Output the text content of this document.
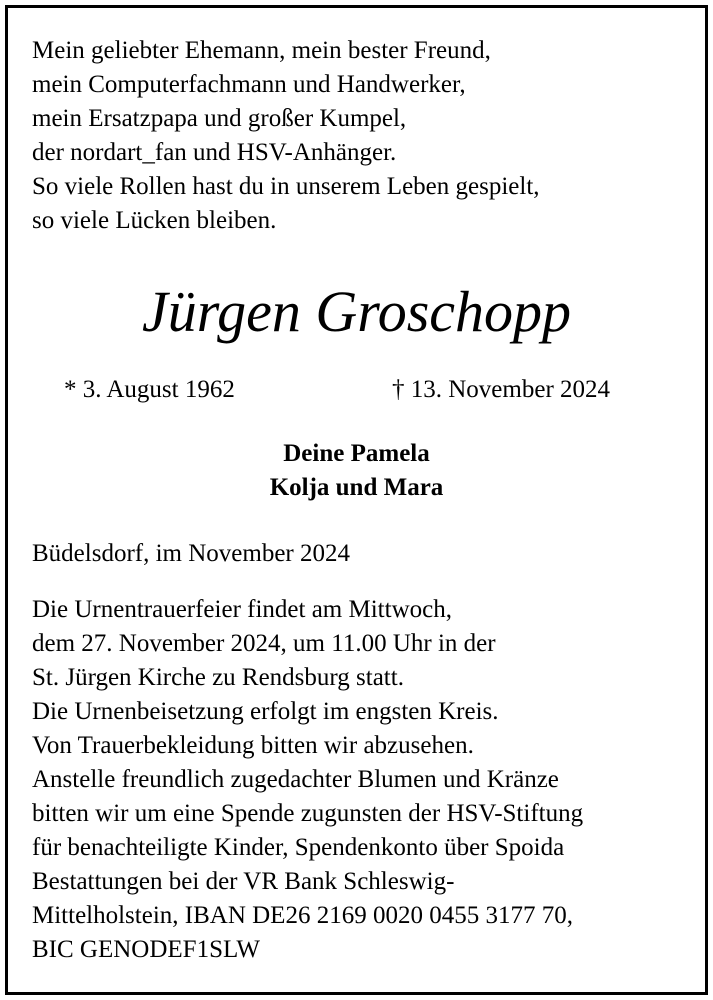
Mein geliebter Ehemann, mein bester Freund,
mein Computerfachmann und Handwerker,
mein Ersatzpapa und großer Kumpel,
der nordart_fan und HSV-Anhänger.
So viele Rollen hast du in unserem Leben gespielt,
so viele Lücken bleiben.
Jürgen Groschopp
* 3. August 1962	† 13. November 2024
Deine Pamela
Kolja und Mara
Büdelsdorf, im November 2024
Die Urnentrauerfeier findet am Mittwoch,
dem 27. November 2024, um 11.00 Uhr in der
St. Jürgen Kirche zu Rendsburg statt.
Die Urnenbeisetzung erfolgt im engsten Kreis.
Von Trauerbekleidung bitten wir abzusehen.
Anstelle freundlich zugedachter Blumen und Kränze
bitten wir um eine Spende zugunsten der HSV-Stiftung
für benachteiligte Kinder, Spendenkonto über Spoida
Bestattungen bei der VR Bank Schleswig-
Mittelholstein, IBAN DE26 2169 0020 0455 3177 70,
BIC GENODEF1SLW
